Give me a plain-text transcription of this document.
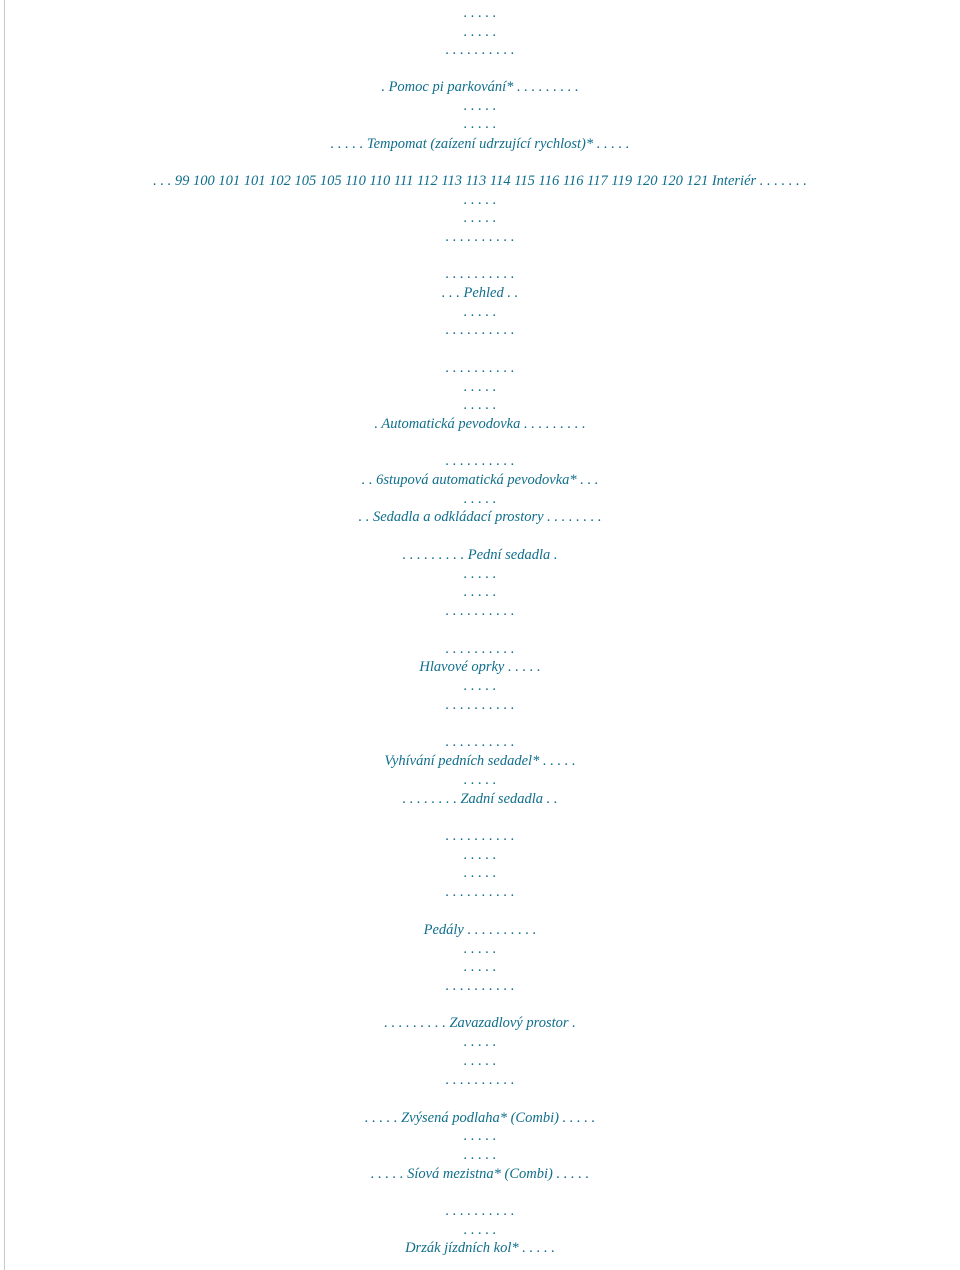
. . . . .
. . . . .
. . . . . . . . . .
. Pomoc pi parkování* . . . . . . . . .
. . . . .
. . . . .
. . . . . Tempomat (zaízení udrzující rychlost)* . . . . .
. . . 99 100 101 101 102 105 105 110 110 111 112 113 113 114 115 116 116 117 119 120 120 121 Interiér . . . . . . .
. . . . .
. . . . .
. . . . . . . . . .
. . . . . . . . . .
. . . Pehled . .
. . . . .
. . . . . . . . . .
. . . . . . . . . .
. . . . .
. . . . .
. Automatická pevodovka . . . . . . . . .
. . . . . . . . . .
. . 6stupová automatická pevodovka* . . .
. . . . .
. . Sedadla a odkládací prostory . . . . . . . .
. . . . . . . . . Pední sedadla .
. . . . .
. . . . .
. . . . . . . . . .
. . . . . . . . . .
Hlavové oprky . . . . .
. . . . .
. . . . . . . . . .
. . . . . . . . . .
Vyhívání pedních sedadel* . . . . .
. . . . .
. . . . . . . . Zadní sedadla . .
. . . . . . . . . .
. . . . .
. . . . .
. . . . . . . . . .
Pedály . . . . . . . . . .
. . . . .
. . . . .
. . . . . . . . . .
. . . . . . . . . Zavazadlový prostor .
. . . . .
. . . . .
. . . . . . . . . .
. . . . . Zvýsená podlaha* (Combi) . . . . .
. . . . .
. . . . .
. . . . . Síová mezistna* (Combi) . . . . .
. . . . . . . . . .
. . . . .
Drzák jízdních kol* . . . . .
